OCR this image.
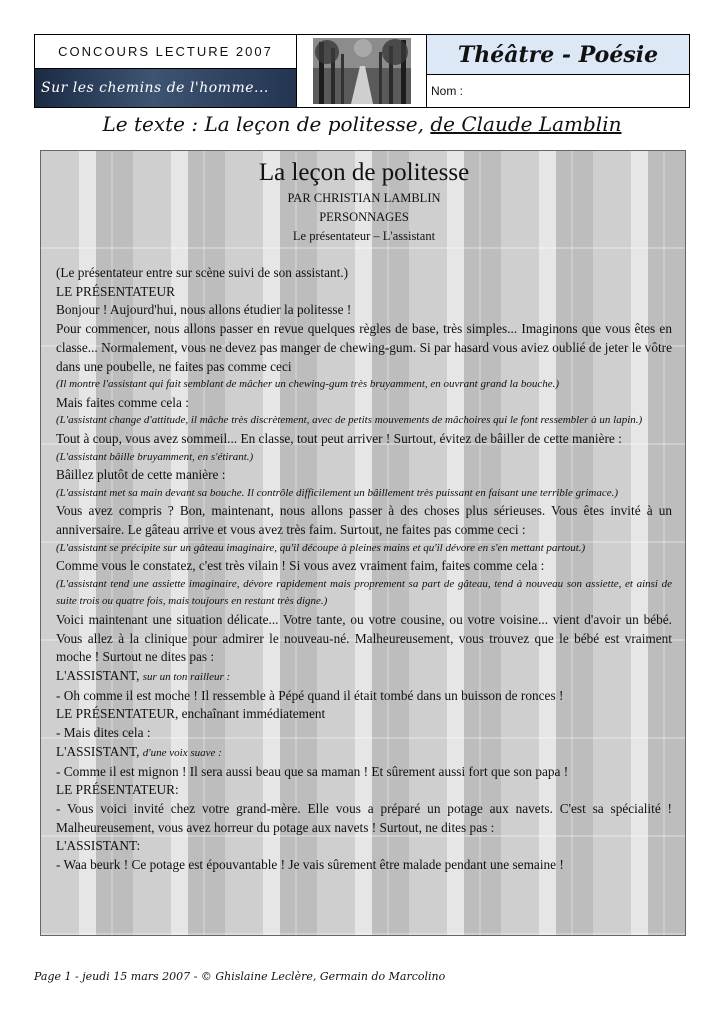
CONCOURS LECTURE 2007
Sur les chemins de l'homme...
Théâtre - Poésie
Nom :
Le texte : La leçon de politesse, de Claude Lamblin
La leçon de politesse
PAR CHRISTIAN LAMBLIN
PERSONNAGES
Le présentateur – L'assistant
(Le présentateur entre sur scène suivi de son assistant.)
LE PRÉSENTATEUR
Bonjour ! Aujourd'hui, nous allons étudier la politesse !
Pour commencer, nous allons passer en revue quelques règles de base, très simples... Imaginons que vous êtes en classe... Normalement, vous ne devez pas manger de chewing-gum. Si par hasard vous aviez oublié de jeter le vôtre dans une poubelle, ne faites pas comme ceci
(Il montre l'assistant qui fait semblant de mâcher un chewing-gum très bruyamment, en ouvrant grand la bouche.)
Mais faites comme cela :
(L'assistant change d'attitude, il mâche très discrètement, avec de petits mouvements de mâchoires qui le font ressembler à un lapin.)
Tout à coup, vous avez sommeil... En classe, tout peut arriver ! Surtout, évitez de bâiller de cette manière :
(L'assistant bâille bruyamment, en s'étirant.)
Bâillez plutôt de cette manière :
(L'assistant met sa main devant sa bouche. Il contrôle difficilement un bâillement très puissant en faisant une terrible grimace.)
Vous avez compris ? Bon, maintenant, nous allons passer à des choses plus sérieuses. Vous êtes invité à un anniversaire. Le gâteau arrive et vous avez très faim. Surtout, ne faites pas comme ceci :
(L'assistant se précipite sur un gâteau imaginaire, qu'il découpe à pleines mains et qu'il dévore en s'en mettant partout.)
Comme vous le constatez, c'est très vilain ! Si vous avez vraiment faim, faites comme cela :
(L'assistant tend une assiette imaginaire, dévore rapidement mais proprement sa part de gâteau, tend à nouveau son assiette, et ainsi de suite trois ou quatre fois, mais toujours en restant très digne.)
Voici maintenant une situation délicate... Votre tante, ou votre cousine, ou votre voisine... vient d'avoir un bébé. Vous allez à la clinique pour admirer le nouveau-né. Malheureusement, vous trouvez que le bébé est vraiment moche ! Surtout ne dites pas :
L'ASSISTANT, sur un ton railleur :
- Oh comme il est moche ! Il ressemble à Pépé quand il était tombé dans un buisson de ronces !
LE PRÉSENTATEUR, enchaînant immédiatement
- Mais dites cela :
L'ASSISTANT, d'une voix suave :
- Comme il est mignon ! Il sera aussi beau que sa maman ! Et sûrement aussi fort que son papa !
LE PRÉSENTATEUR:
- Vous voici invité chez votre grand-mère. Elle vous a préparé un potage aux navets. C'est sa spécialité ! Malheureusement, vous avez horreur du potage aux navets ! Surtout, ne dites pas :
L'ASSISTANT:
- Waa beurk ! Ce potage est épouvantable ! Je vais sûrement être malade pendant une semaine !
Page 1 - jeudi 15 mars 2007 - © Ghislaine Leclère, Germain do Marcolino
